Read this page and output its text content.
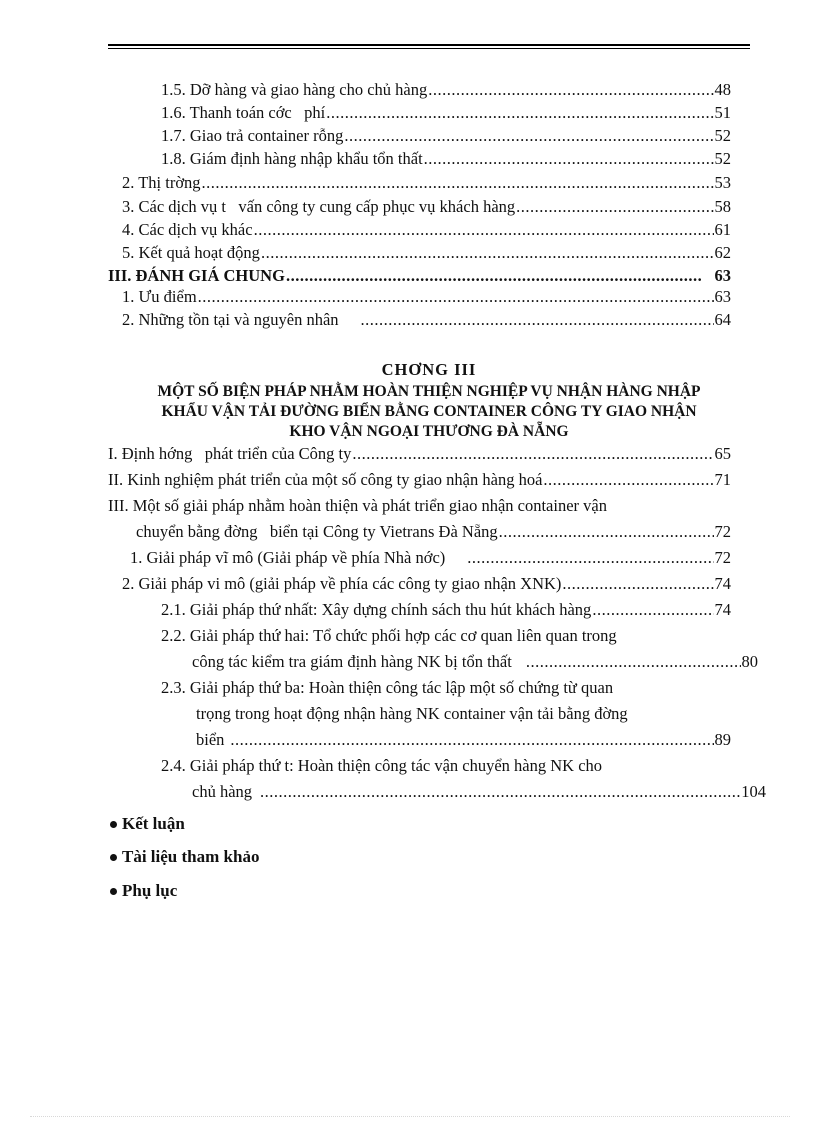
1.5. Dỡ hàng và giao hàng cho chủ hàng .....	48
1.6. Thanh toán cớc   phí .....	51
1.7. Giao trả container rỗng .....	52
1.8. Giám định hàng nhập khẩu tổn thất .....	52
2. Thị trờng .....	53
3. Các dịch vụ t   vấn công ty cung cấp phục vụ khách hàng .....	58
4. Các dịch vụ khác .....	61
5. Kết quả hoạt động .....	62
III. ĐÁNH GIÁ CHUNG .....	63
1. Ưu điểm .....	63
2. Những tồn tại và nguyên nhân .....	64
CHƠNG III
MỘT SỐ BIỆN PHÁP NHẰM HOÀN THIỆN NGHIỆP VỤ NHẬN HÀNG NHẬP
KHẨU VẬN TẢI ĐƯỜNG BIỂN BẰNG CONTAINER CÔNG TY GIAO NHẬN
KHO VẬN NGOẠI THƯƠNG ĐÀ NẴNG
I. Định hớng   phát triển của Công ty .....	65
II. Kinh nghiệm phát triển của một số công ty giao nhận hàng hoá .....	71
III. Một số giải pháp nhằm hoàn thiện và phát triển giao nhận container vận
chuyển bằng đờng   biển tại Công ty Vietrans Đà Nẵng .....	72
1. Giải pháp vĩ mô (Giải pháp về phía Nhà nớc) .....	72
2. Giải pháp vi mô (giải pháp về phía các công ty giao nhận XNK) .....	74
2.1. Giải pháp thứ nhất: Xây dựng chính sách thu hút khách hàng .....	74
2.2. Giải pháp thứ hai: Tổ chức phối hợp các cơ quan liên quan trong
công tác kiểm tra giám định hàng NK bị tổn thất .....	80
2.3. Giải pháp thứ ba: Hoàn thiện công tác lập một số chứng từ quan
trọng trong hoạt động nhận hàng NK container vận tải bằng đờng
biển .....	89
2.4. Giải pháp thứ t: Hoàn thiện công tác vận chuyển hàng NK cho
chủ hàng .....	104
Kết luận
Tài liệu tham khảo
Phụ lục
